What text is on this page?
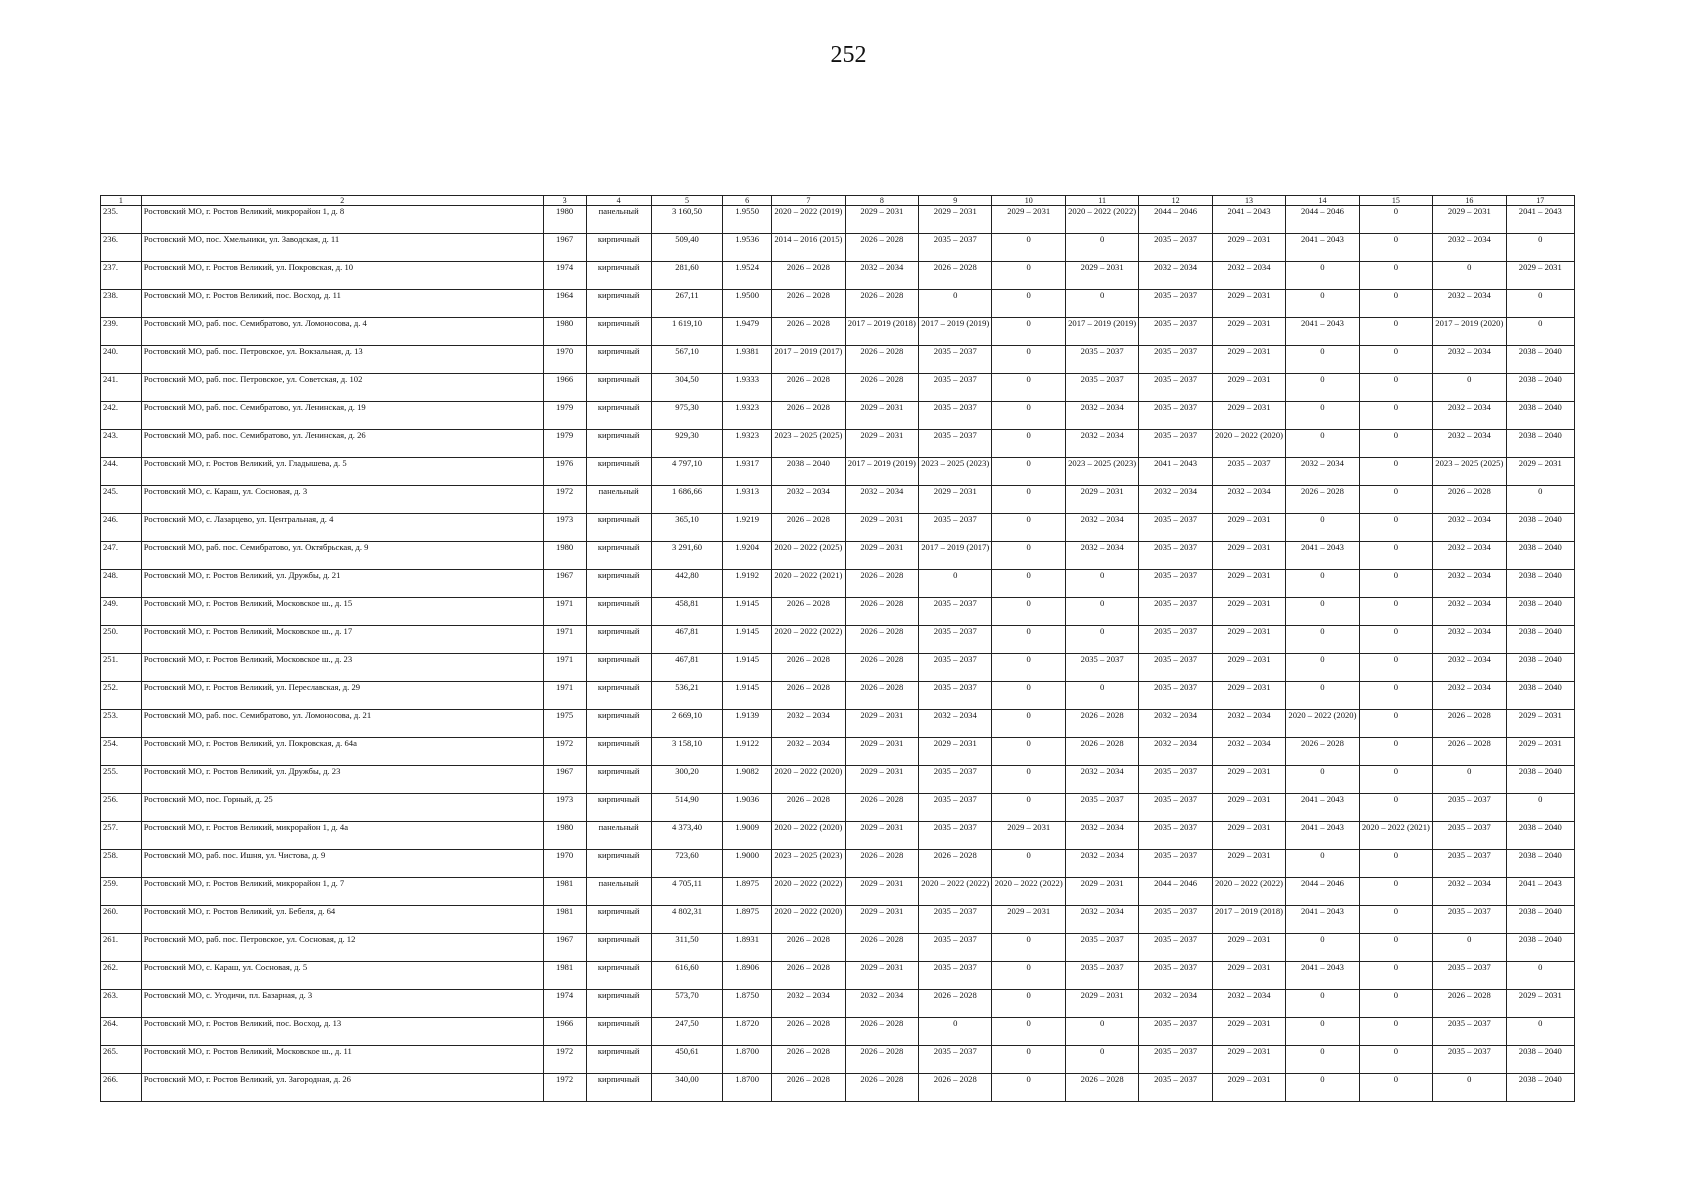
252
1	2	3	4	5	6	7	8	9	10	11	12	13	14	15	16	17
235.	Ростовский МО, г. Ростов Великий, микрорайон 1, д. 8	1980	панельный	3 160,50	1.9550	2020 – 2022 (2019)	2029 – 2031	2029 – 2031	2029 – 2031	2020 – 2022 (2022)	2044 – 2046	2041 – 2043	2044 – 2046	0	2029 – 2031	2041 – 2043
236.	Ростовский МО, пос. Хмельники, ул. Заводская, д. 11	1967	кирпичный	509,40	1.9536	2014 – 2016 (2015)	2026 – 2028	2035 – 2037	0	0	2035 – 2037	2029 – 2031	2041 – 2043	0	2032 – 2034	0
237.	Ростовский МО, г. Ростов Великий, ул. Покровская, д. 10	1974	кирпичный	281,60	1.9524	2026 – 2028	2032 – 2034	2026 – 2028	0	2029 – 2031	2032 – 2034	2032 – 2034	0	0	0	2029 – 2031
238.	Ростовский МО, г. Ростов Великий, пос. Восход, д. 11	1964	кирпичный	267,11	1.9500	2026 – 2028	2026 – 2028	0	0	0	2035 – 2037	2029 – 2031	0	0	2032 – 2034	0
239.	Ростовский МО, раб. пос. Семибратово, ул. Ломоносова, д. 4	1980	кирпичный	1 619,10	1.9479	2026 – 2028	2017 – 2019 (2018)	2017 – 2019 (2019)	0	2017 – 2019 (2019)	2035 – 2037	2029 – 2031	2041 – 2043	0	2017 – 2019 (2020)	0
240.	Ростовский МО, раб. пос. Петровское, ул. Вокзальная, д. 13	1970	кирпичный	567,10	1.9381	2017 – 2019 (2017)	2026 – 2028	2035 – 2037	0	2035 – 2037	2035 – 2037	2029 – 2031	0	0	2032 – 2034	2038 – 2040
241.	Ростовский МО, раб. пос. Петровское, ул. Советская, д. 102	1966	кирпичный	304,50	1.9333	2026 – 2028	2026 – 2028	2035 – 2037	0	2035 – 2037	2035 – 2037	2029 – 2031	0	0	0	2038 – 2040
242.	Ростовский МО, раб. пос. Семибратово, ул. Ленинская, д. 19	1979	кирпичный	975,30	1.9323	2026 – 2028	2029 – 2031	2035 – 2037	0	2032 – 2034	2035 – 2037	2029 – 2031	0	0	2032 – 2034	2038 – 2040
243.	Ростовский МО, раб. пос. Семибратово, ул. Ленинская, д. 26	1979	кирпичный	929,30	1.9323	2023 – 2025 (2025)	2029 – 2031	2035 – 2037	0	2032 – 2034	2035 – 2037	2020 – 2022 (2020)	0	0	2032 – 2034	2038 – 2040
244.	Ростовский МО, г. Ростов Великий, ул. Гладышева, д. 5	1976	кирпичный	4 797,10	1.9317	2038 – 2040	2017 – 2019 (2019)	2023 – 2025 (2023)	0	2023 – 2025 (2023)	2041 – 2043	2035 – 2037	2032 – 2034	0	2023 – 2025 (2025)	2029 – 2031
245.	Ростовский МО, с. Караш, ул. Сосновая, д. 3	1972	панельный	1 686,66	1.9313	2032 – 2034	2032 – 2034	2029 – 2031	0	2029 – 2031	2032 – 2034	2032 – 2034	2026 – 2028	0	2026 – 2028	0
246.	Ростовский МО, с. Лазарцево, ул. Центральная, д. 4	1973	кирпичный	365,10	1.9219	2026 – 2028	2029 – 2031	2035 – 2037	0	2032 – 2034	2035 – 2037	2029 – 2031	0	0	2032 – 2034	2038 – 2040
247.	Ростовский МО, раб. пос. Семибратово, ул. Октябрьская, д. 9	1980	кирпичный	3 291,60	1.9204	2020 – 2022 (2025)	2029 – 2031	2017 – 2019 (2017)	0	2032 – 2034	2035 – 2037	2029 – 2031	2041 – 2043	0	2032 – 2034	2038 – 2040
248.	Ростовский МО, г. Ростов Великий, ул. Дружбы, д. 21	1967	кирпичный	442,80	1.9192	2020 – 2022 (2021)	2026 – 2028	0	0	0	2035 – 2037	2029 – 2031	0	0	2032 – 2034	2038 – 2040
249.	Ростовский МО, г. Ростов Великий, Московское ш., д. 15	1971	кирпичный	458,81	1.9145	2026 – 2028	2026 – 2028	2035 – 2037	0	0	2035 – 2037	2029 – 2031	0	0	2032 – 2034	2038 – 2040
250.	Ростовский МО, г. Ростов Великий, Московское ш., д. 17	1971	кирпичный	467,81	1.9145	2020 – 2022 (2022)	2026 – 2028	2035 – 2037	0	0	2035 – 2037	2029 – 2031	0	0	2032 – 2034	2038 – 2040
251.	Ростовский МО, г. Ростов Великий, Московское ш., д. 23	1971	кирпичный	467,81	1.9145	2026 – 2028	2026 – 2028	2035 – 2037	0	2035 – 2037	2035 – 2037	2029 – 2031	0	0	2032 – 2034	2038 – 2040
252.	Ростовский МО, г. Ростов Великий, ул. Переславская, д. 29	1971	кирпичный	536,21	1.9145	2026 – 2028	2026 – 2028	2035 – 2037	0	0	2035 – 2037	2029 – 2031	0	0	2032 – 2034	2038 – 2040
253.	Ростовский МО, раб. пос. Семибратово, ул. Ломоносова, д. 21	1975	кирпичный	2 669,10	1.9139	2032 – 2034	2029 – 2031	2032 – 2034	0	2026 – 2028	2032 – 2034	2032 – 2034	2020 – 2022 (2020)	0	2026 – 2028	2029 – 2031
254.	Ростовский МО, г. Ростов Великий, ул. Покровская, д. 64а	1972	кирпичный	3 158,10	1.9122	2032 – 2034	2029 – 2031	2029 – 2031	0	2026 – 2028	2032 – 2034	2032 – 2034	2026 – 2028	0	2026 – 2028	2029 – 2031
255.	Ростовский МО, г. Ростов Великий, ул. Дружбы, д. 23	1967	кирпичный	300,20	1.9082	2020 – 2022 (2020)	2029 – 2031	2035 – 2037	0	2032 – 2034	2035 – 2037	2029 – 2031	0	0	0	2038 – 2040
256.	Ростовский МО, пос. Горный, д. 25	1973	кирпичный	514,90	1.9036	2026 – 2028	2026 – 2028	2035 – 2037	0	2035 – 2037	2035 – 2037	2029 – 2031	2041 – 2043	0	2035 – 2037	0
257.	Ростовский МО, г. Ростов Великий, микрорайон 1, д. 4а	1980	панельный	4 373,40	1.9009	2020 – 2022 (2020)	2029 – 2031	2035 – 2037	2029 – 2031	2032 – 2034	2035 – 2037	2029 – 2031	2041 – 2043	2020 – 2022 (2021)	2035 – 2037	2038 – 2040
258.	Ростовский МО, раб. пос. Ишня, ул. Чистова, д. 9	1970	кирпичный	723,60	1.9000	2023 – 2025 (2023)	2026 – 2028	2026 – 2028	0	2032 – 2034	2035 – 2037	2029 – 2031	0	0	2035 – 2037	2038 – 2040
259.	Ростовский МО, г. Ростов Великий, микрорайон 1, д. 7	1981	панельный	4 705,11	1.8975	2020 – 2022 (2022)	2029 – 2031	2020 – 2022 (2022)	2020 – 2022 (2022)	2029 – 2031	2044 – 2046	2020 – 2022 (2022)	2044 – 2046	0	2032 – 2034	2041 – 2043
260.	Ростовский МО, г. Ростов Великий, ул. Бебеля, д. 64	1981	кирпичный	4 802,31	1.8975	2020 – 2022 (2020)	2029 – 2031	2035 – 2037	2029 – 2031	2032 – 2034	2035 – 2037	2017 – 2019 (2018)	2041 – 2043	0	2035 – 2037	2038 – 2040
261.	Ростовский МО, раб. пос. Петровское, ул. Сосновая, д. 12	1967	кирпичный	311,50	1.8931	2026 – 2028	2026 – 2028	2035 – 2037	0	2035 – 2037	2035 – 2037	2029 – 2031	0	0	0	2038 – 2040
262.	Ростовский МО, с. Караш, ул. Сосновая, д. 5	1981	кирпичный	616,60	1.8906	2026 – 2028	2029 – 2031	2035 – 2037	0	2035 – 2037	2035 – 2037	2029 – 2031	2041 – 2043	0	2035 – 2037	0
263.	Ростовский МО, с. Угодичи, пл. Базарная, д. 3	1974	кирпичный	573,70	1.8750	2032 – 2034	2032 – 2034	2026 – 2028	0	2029 – 2031	2032 – 2034	2032 – 2034	0	0	2026 – 2028	2029 – 2031
264.	Ростовский МО, г. Ростов Великий, пос. Восход, д. 13	1966	кирпичный	247,50	1.8720	2026 – 2028	2026 – 2028	0	0	0	2035 – 2037	2029 – 2031	0	0	2035 – 2037	0
265.	Ростовский МО, г. Ростов Великий, Московское ш., д. 11	1972	кирпичный	450,61	1.8700	2026 – 2028	2026 – 2028	2035 – 2037	0	0	2035 – 2037	2029 – 2031	0	0	2035 – 2037	2038 – 2040
266.	Ростовский МО, г. Ростов Великий, ул. Загородная, д. 26	1972	кирпичный	340,00	1.8700	2026 – 2028	2026 – 2028	2026 – 2028	0	2026 – 2028	2035 – 2037	2029 – 2031	0	0	0	2038 – 2040
